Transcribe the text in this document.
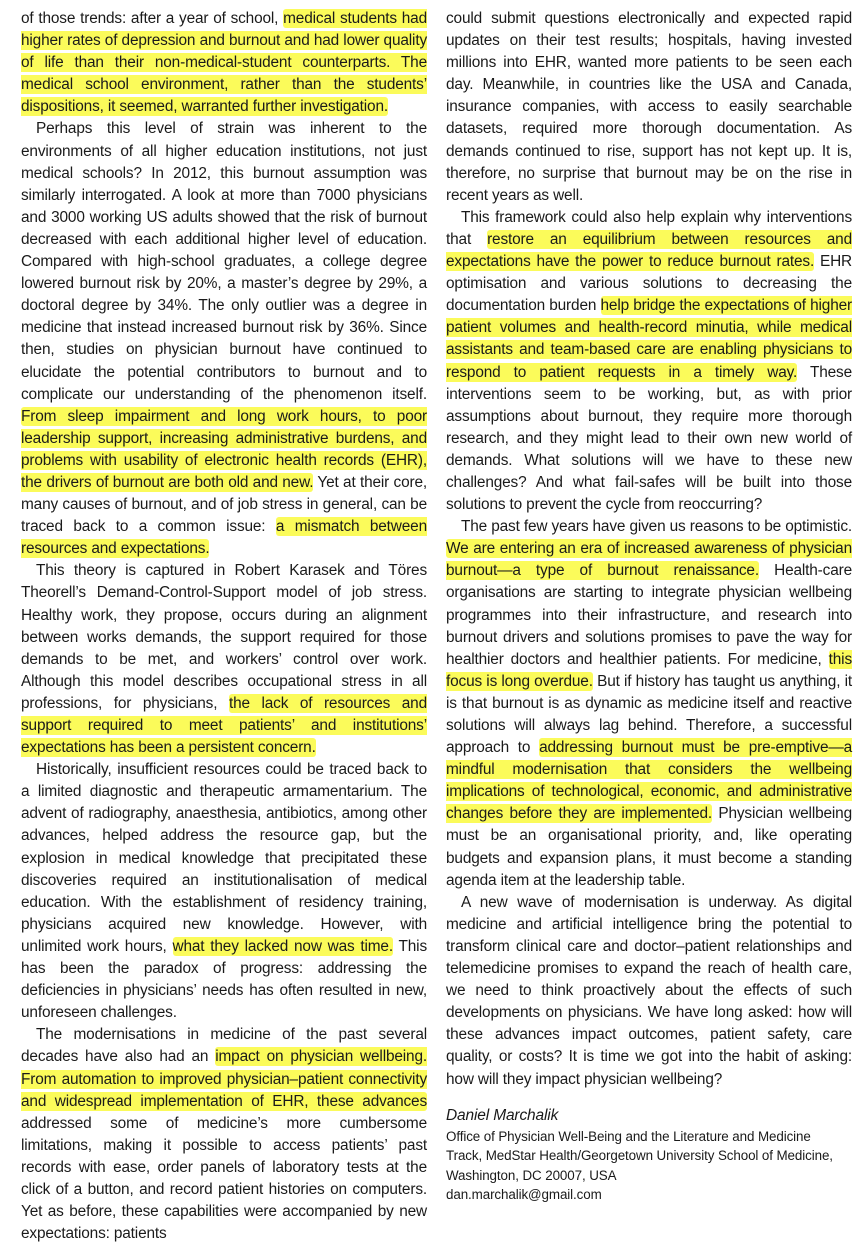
of those trends: after a year of school, medical students had higher rates of depression and burnout and had lower quality of life than their non-medical-student counterparts. The medical school environment, rather than the students’ dispositions, it seemed, warranted further investigation.

Perhaps this level of strain was inherent to the environments of all higher education institutions, not just medical schools? In 2012, this burnout assumption was similarly interrogated. A look at more than 7000 physicians and 3000 working US adults showed that the risk of burnout decreased with each additional higher level of education. Compared with high-school graduates, a college degree lowered burnout risk by 20%, a master’s degree by 29%, a doctoral degree by 34%. The only outlier was a degree in medicine that instead increased burnout risk by 36%. Since then, studies on physician burnout have continued to elucidate the potential contributors to burnout and to complicate our understanding of the phenomenon itself. From sleep impairment and long work hours, to poor leadership support, increasing administrative burdens, and problems with usability of electronic health records (EHR), the drivers of burnout are both old and new. Yet at their core, many causes of burnout, and of job stress in general, can be traced back to a common issue: a mismatch between resources and expectations.

This theory is captured in Robert Karasek and Töres Theorell’s Demand-Control-Support model of job stress. Healthy work, they propose, occurs during an alignment between works demands, the support required for those demands to be met, and workers’ control over work. Although this model describes occupational stress in all professions, for physicians, the lack of resources and support required to meet patients’ and institutions’ expectations has been a persistent concern.

Historically, insufficient resources could be traced back to a limited diagnostic and therapeutic armamentarium. The advent of radiography, anaesthesia, antibiotics, among other advances, helped address the resource gap, but the explosion in medical knowledge that precipitated these discoveries required an institutionalisation of medical education. With the establishment of residency training, physicians acquired new knowledge. However, with unlimited work hours, what they lacked now was time. This has been the paradox of progress: addressing the deficiencies in physicians’ needs has often resulted in new, unforeseen challenges.

The modernisations in medicine of the past several decades have also had an impact on physician wellbeing. From automation to improved physician–patient connectivity and widespread implementation of EHR, these advances addressed some of medicine’s more cumbersome limitations, making it possible to access patients’ past records with ease, order panels of laboratory tests at the click of a button, and record patient histories on computers. Yet as before, these capabilities were accompanied by new expectations: patients

could submit questions electronically and expected rapid updates on their test results; hospitals, having invested millions into EHR, wanted more patients to be seen each day. Meanwhile, in countries like the USA and Canada, insurance companies, with access to easily searchable datasets, required more thorough documentation. As demands continued to rise, support has not kept up. It is, therefore, no surprise that burnout may be on the rise in recent years as well.

This framework could also help explain why interventions that restore an equilibrium between resources and expectations have the power to reduce burnout rates. EHR optimisation and various solutions to decreasing the documentation burden help bridge the expectations of higher patient volumes and health-record minutia, while medical assistants and team-based care are enabling physicians to respond to patient requests in a timely way. These interventions seem to be working, but, as with prior assumptions about burnout, they require more thorough research, and they might lead to their own new world of demands. What solutions will we have to these new challenges? And what fail-safes will be built into those solutions to prevent the cycle from reoccurring?

The past few years have given us reasons to be optimistic. We are entering an era of increased awareness of physician burnout—a type of burnout renaissance. Health-care organisations are starting to integrate physician wellbeing programmes into their infrastructure, and research into burnout drivers and solutions promises to pave the way for healthier doctors and healthier patients. For medicine, this focus is long overdue. But if history has taught us anything, it is that burnout is as dynamic as medicine itself and reactive solutions will always lag behind. Therefore, a successful approach to addressing burnout must be pre-emptive—a mindful modernisation that considers the wellbeing implications of technological, economic, and administrative changes before they are implemented. Physician wellbeing must be an organisational priority, and, like operating budgets and expansion plans, it must become a standing agenda item at the leadership table.

A new wave of modernisation is underway. As digital medicine and artificial intelligence bring the potential to transform clinical care and doctor–patient relationships and telemedicine promises to expand the reach of health care, we need to think proactively about the effects of such developments on physicians. We have long asked: how will these advances impact outcomes, patient safety, care quality, or costs? It is time we got into the habit of asking: how will they impact physician wellbeing?

Daniel Marchalik
Office of Physician Well-Being and the Literature and Medicine
Track, MedStar Health/Georgetown University School of Medicine,
Washington, DC 20007, USA
dan.marchalik@gmail.com
